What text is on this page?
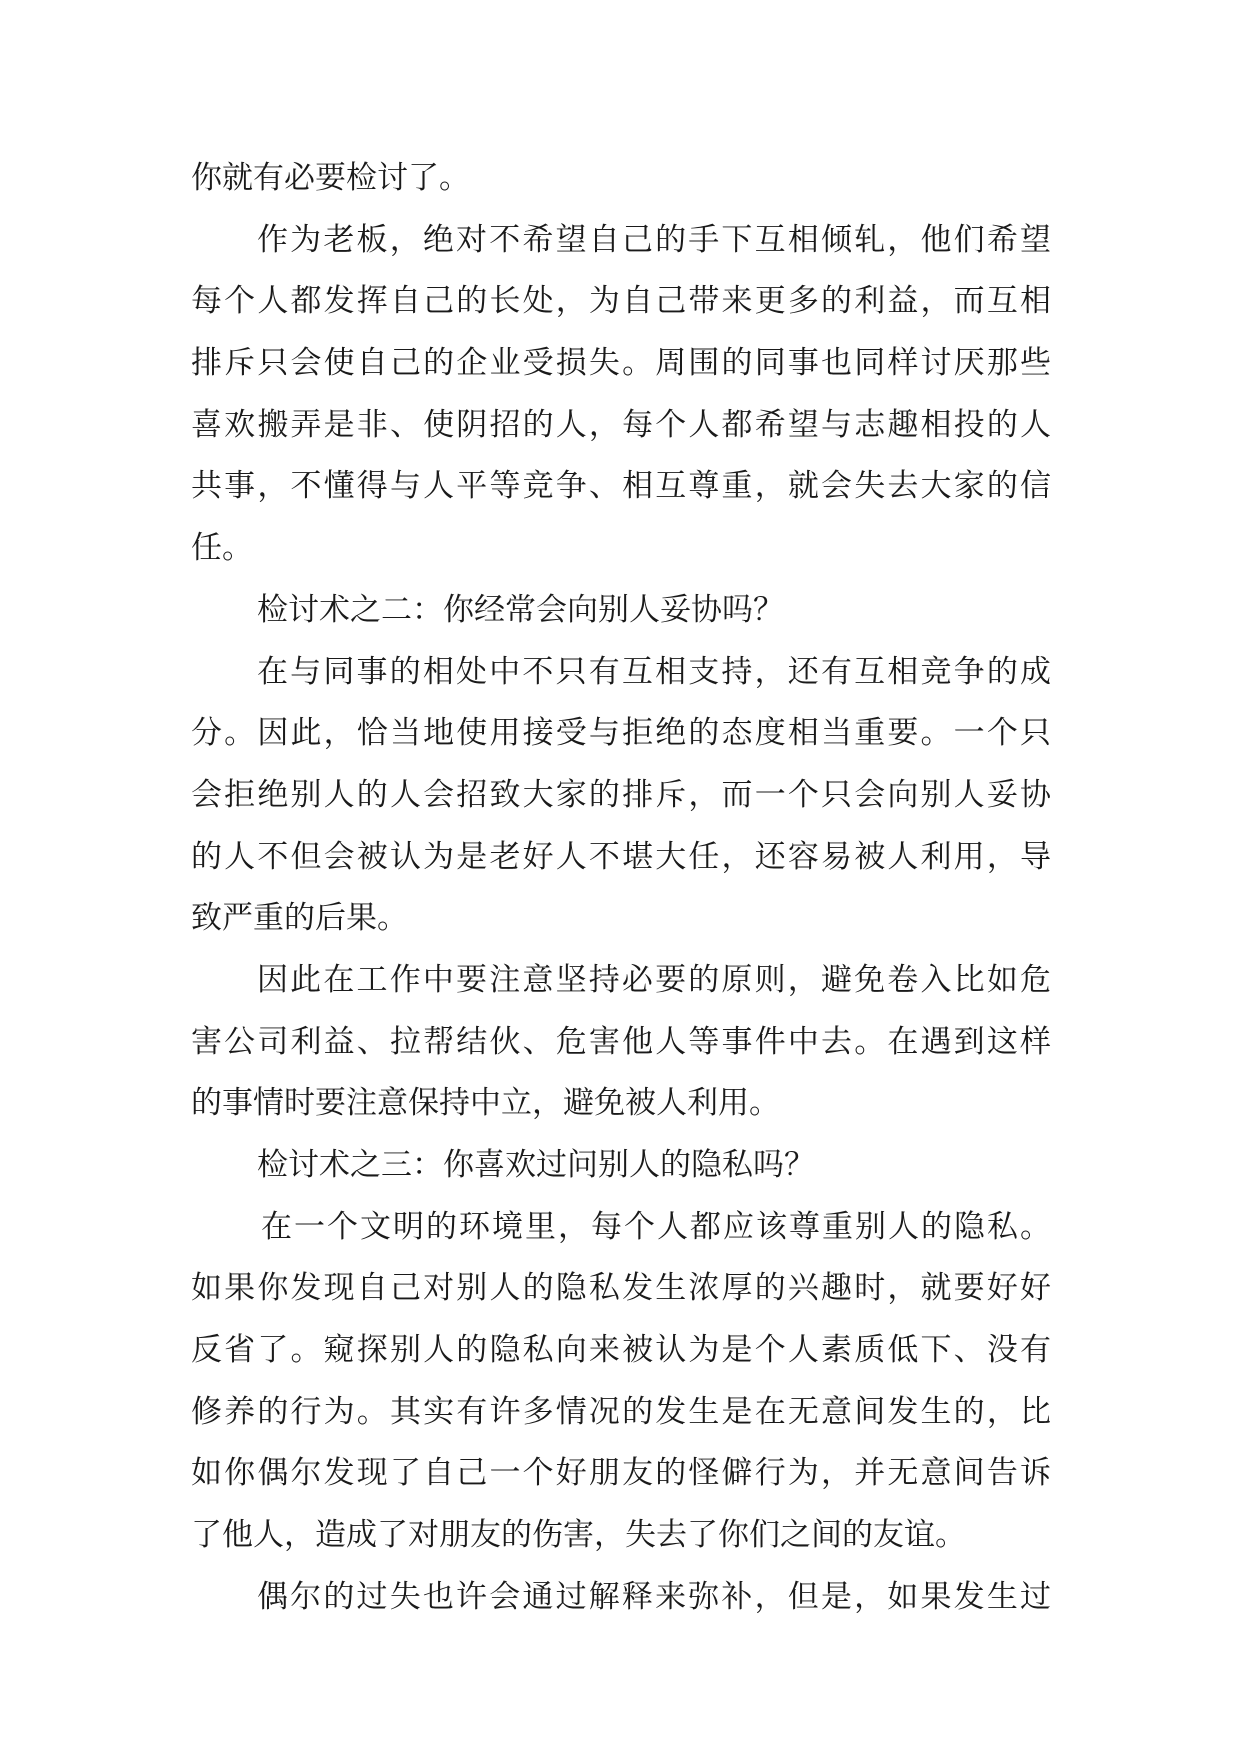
你就有必要检讨了。
作为老板，绝对不希望自己的手下互相倾轧，他们希望
每个人都发挥自己的长处，为自己带来更多的利益，而互相
排斥只会使自己的企业受损失。周围的同事也同样讨厌那些
喜欢搬弄是非、使阴招的人，每个人都希望与志趣相投的人
共事，不懂得与人平等竞争、相互尊重，就会失去大家的信
任。
检讨术之二：你经常会向别人妥协吗？
在与同事的相处中不只有互相支持，还有互相竞争的成
分。因此，恰当地使用接受与拒绝的态度相当重要。一个只
会拒绝别人的人会招致大家的排斥，而一个只会向别人妥协
的人不但会被认为是老好人不堪大任，还容易被人利用，导
致严重的后果。
因此在工作中要注意坚持必要的原则，避免卷入比如危
害公司利益、拉帮结伙、危害他人等事件中去。在遇到这样
的事情时要注意保持中立，避免被人利用。
检讨术之三：你喜欢过问别人的隐私吗？
在一个文明的环境里，每个人都应该尊重别人的隐私。
如果你发现自己对别人的隐私发生浓厚的兴趣时，就要好好
反省了。窥探别人的隐私向来被认为是个人素质低下、没有
修养的行为。其实有许多情况的发生是在无意间发生的，比
如你偶尔发现了自己一个好朋友的怪僻行为，并无意间告诉
了他人，造成了对朋友的伤害，失去了你们之间的友谊。
偶尔的过失也许会通过解释来弥补，但是，如果发生过
